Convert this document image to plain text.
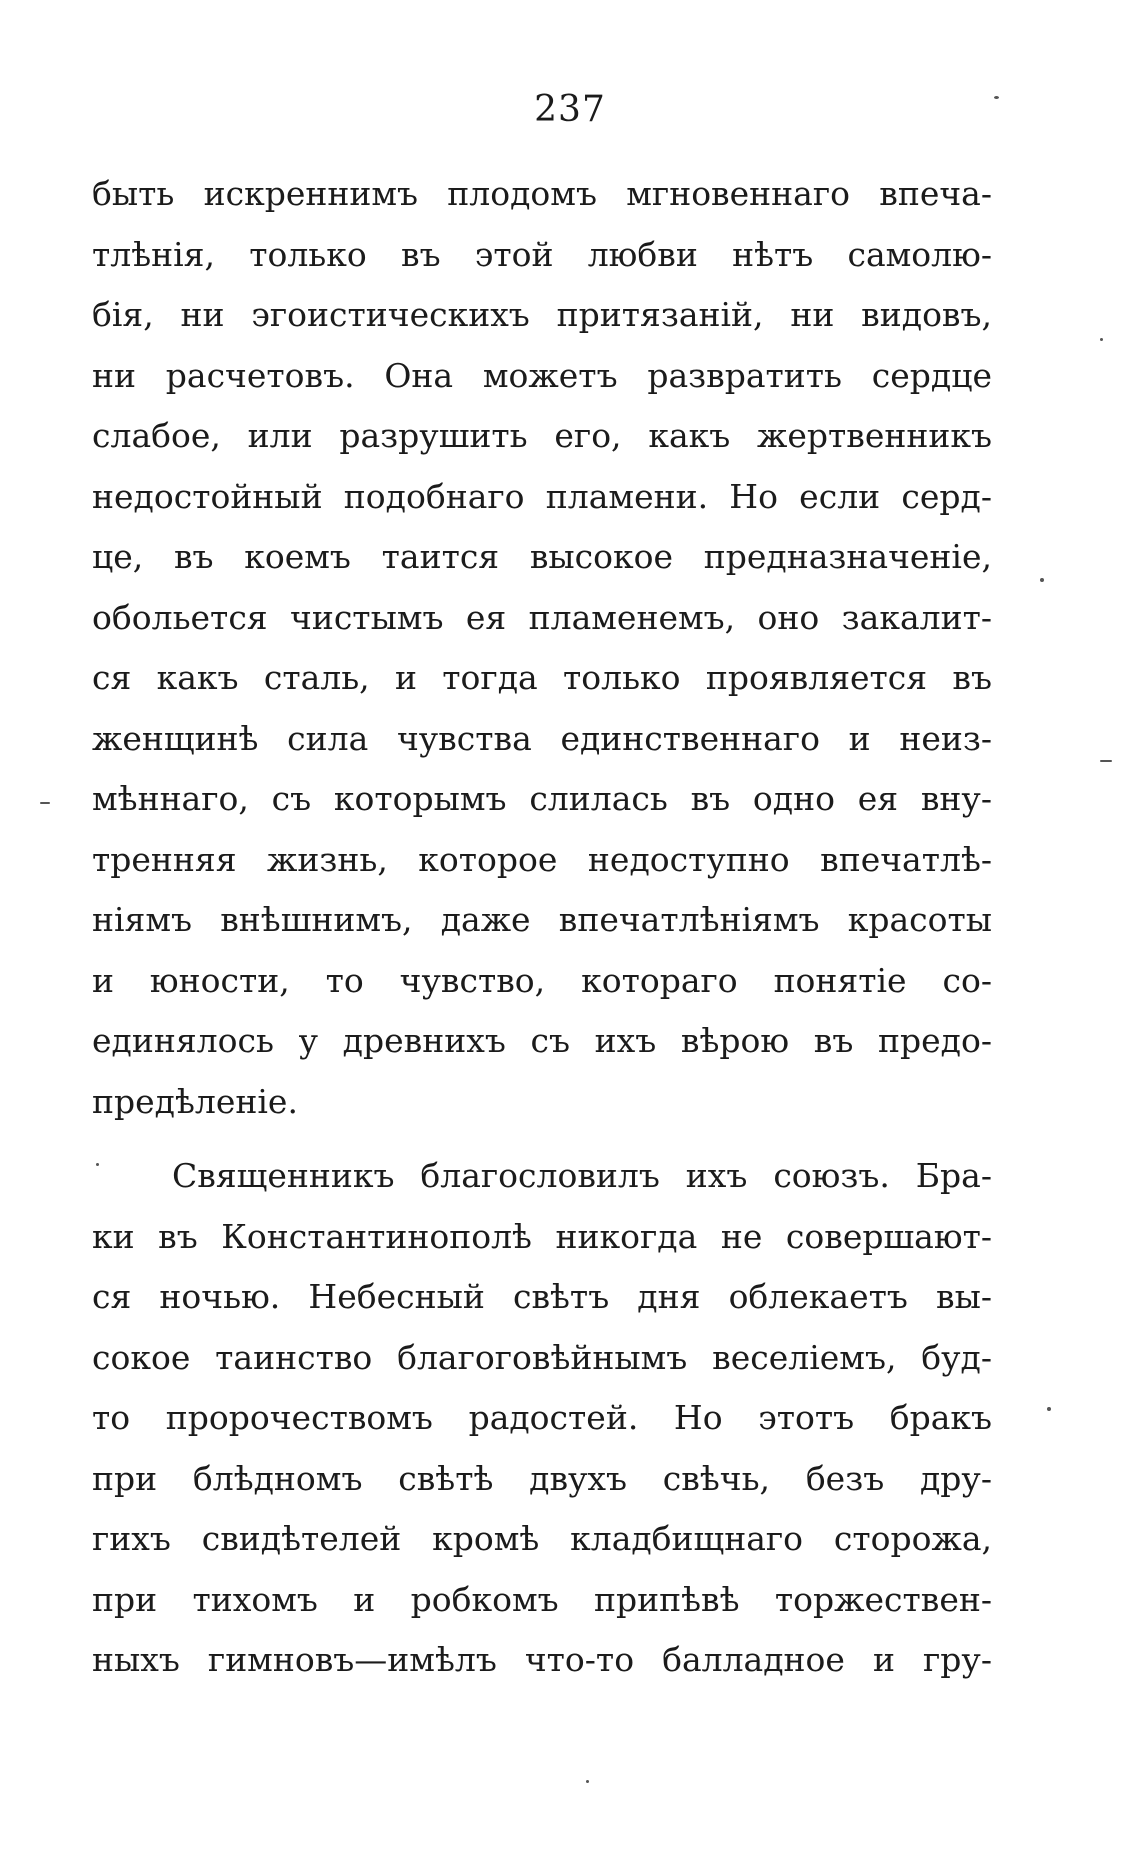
237
быть искреннимъ плодомъ мгновеннаго впеча-
тлѣнія, только въ этой любви нѣтъ самолю-
бія, ни эгоистическихъ притязаній, ни видовъ,
ни расчетовъ. Она можетъ развратить сердце
слабое, или разрушить его, какъ жертвенникъ
недостойный подобнаго пламени. Но если серд-
це, въ коемъ таится высокое предназначеніе,
обольется чистымъ ея пламенемъ, оно закалит-
ся какъ сталь, и тогда только проявляется въ
женщинѣ сила чувства единственнаго и неиз-
мѣннаго, съ которымъ слилась въ одно ея вну-
тренняя жизнь, которое недоступно впечатлѣ-
ніямъ внѣшнимъ, даже впечатлѣніямъ красоты
и юности, то чувство, котораго понятіе со-
единялось у древнихъ съ ихъ вѣрою въ предо-
предѣленіе.
Священникъ благословилъ ихъ союзъ. Бра-
ки въ Константинополѣ никогда не совершают-
ся ночью. Небесный свѣтъ дня облекаетъ вы-
сокое таинство благоговѣйнымъ веселіемъ, буд-
то пророчествомъ радостей. Но этотъ бракъ
при блѣдномъ свѣтѣ двухъ свѣчь, безъ дру-
гихъ свидѣтелей кромѣ кладбищнаго сторожа,
при тихомъ и робкомъ припѣвѣ торжествен-
ныхъ гимновъ—имѣлъ что-то балладное и гру-
